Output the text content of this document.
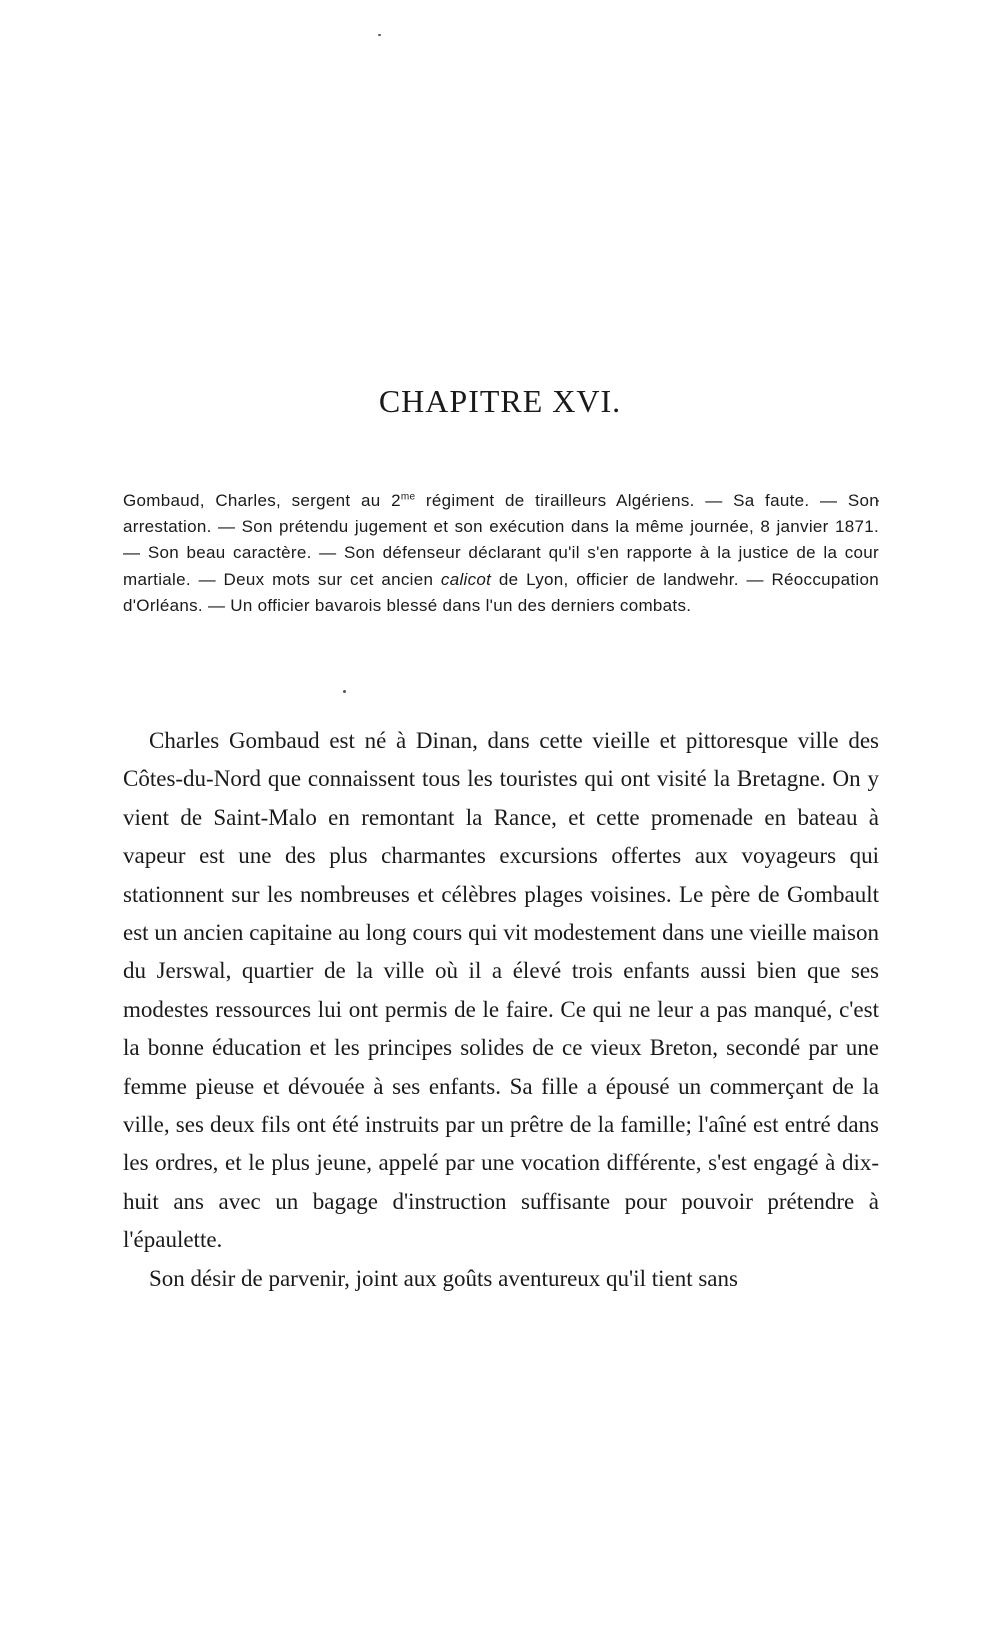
CHAPITRE XVI.

Gombaud, Charles, sergent au $2^{me}$ régiment de tirailleurs Algériens. — Sa faute. — Son arrestation. — Son prétendu jugement et son exécution dans la même journée, 8 janvier 1871. — Son beau caractère. — Son défenseur déclarant qu'il s'en rapporte à la justice de la cour martiale. — Deux mots sur cet ancien calicot de Lyon, officier de landwehr. — Réoccupation d'Orléans. — Un officier bavarois blessé dans l'un des derniers combats.

Charles Gombaud est né à Dinan, dans cette vieille et pittoresque ville des Côtes-du-Nord que connaissent tous les touristes qui ont visité la Bretagne. On y vient de Saint-Malo en remontant la Rance, et cette promenade en bateau à vapeur est une des plus charmantes excursions offertes aux voyageurs qui stationnent sur les nombreuses et célèbres plages voisines. Le père de Gombault est un ancien capitaine au long cours qui vit modestement dans une vieille maison du Jerswal, quartier de la ville où il a élevé trois enfants aussi bien que ses modestes ressources lui ont permis de le faire. Ce qui ne leur a pas manqué, c'est la bonne éducation et les principes solides de ce vieux Breton, secondé par une femme pieuse et dévouée à ses enfants. Sa fille a épousé un commerçant de la ville, ses deux fils ont été instruits par un prêtre de la famille; l'aîné est entré dans les ordres, et le plus jeune, appelé par une vocation différente, s'est engagé à dix-huit ans avec un bagage d'instruction suffisante pour pouvoir prétendre à l'épaulette.

Son désir de parvenir, joint aux goûts aventureux qu'il tient sans
